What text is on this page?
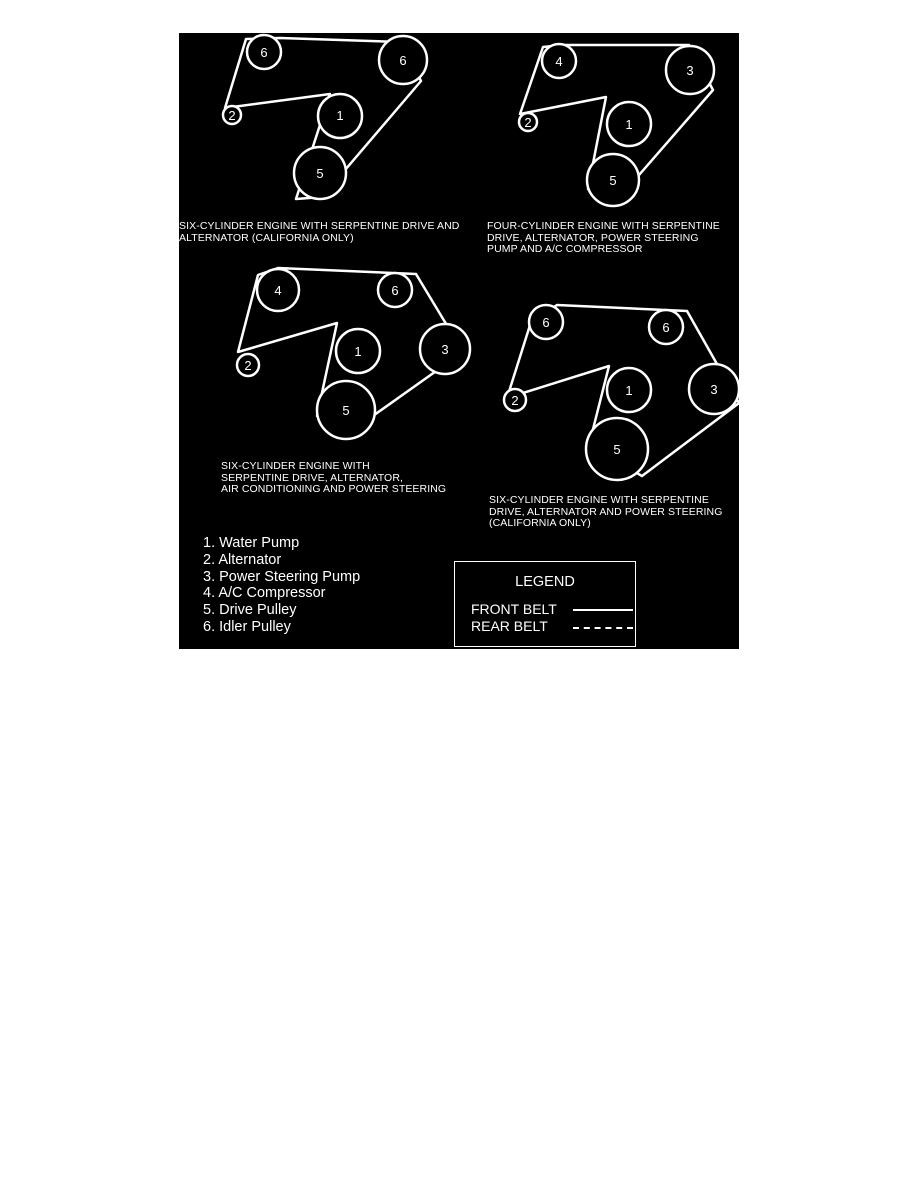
6
6
2	1
5
4
3
2	1
5
4	6
2
1	3
5
6	6
2
1	3
5
SIX-CYLINDER ENGINE WITH SERPENTINE DRIVE AND
ALTERNATOR (CALIFORNIA ONLY)
FOUR-CYLINDER ENGINE WITH SERPENTINE
DRIVE, ALTERNATOR, POWER STEERING
PUMP AND A/C COMPRESSOR
SIX-CYLINDER ENGINE WITH
SERPENTINE DRIVE, ALTERNATOR,
AIR CONDITIONING AND POWER STEERING
SIX-CYLINDER ENGINE WITH SERPENTINE
DRIVE, ALTERNATOR AND POWER STEERING
(CALIFORNIA ONLY)
1. Water Pump
2. Alternator
3. Power Steering Pump
4. A/C Compressor
5. Drive Pulley
6. Idler Pulley
LEGEND
FRONT BELT
REAR BELT
